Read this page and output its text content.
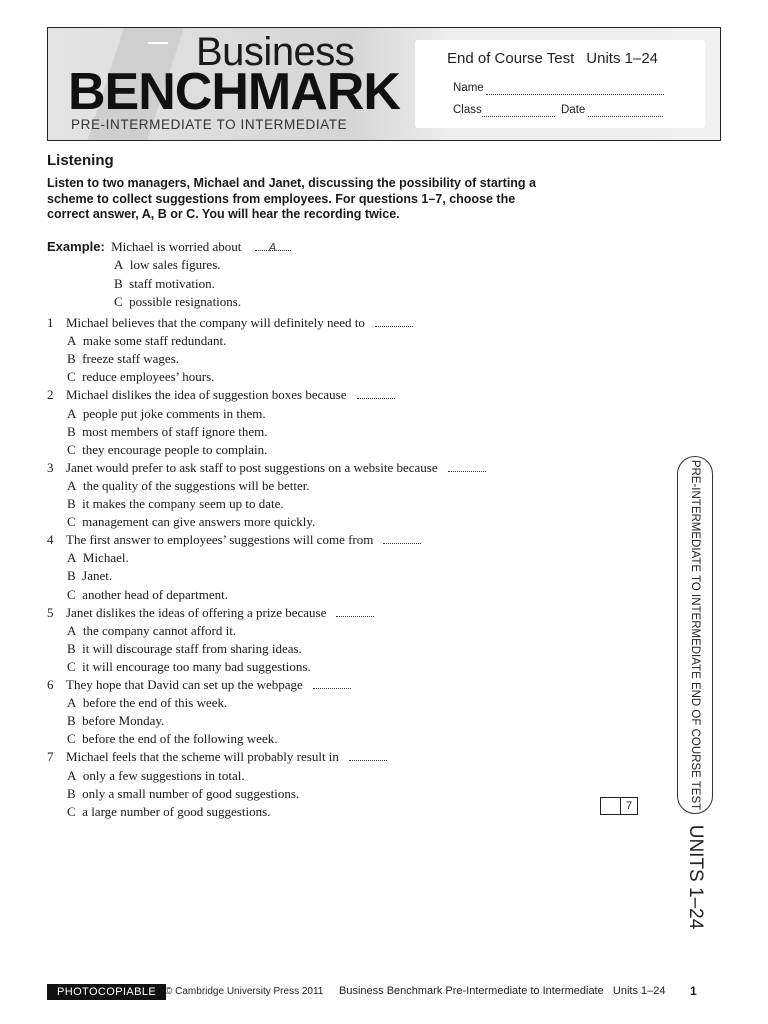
Business
BENCHMARK
PRE-INTERMEDIATE TO INTERMEDIATE
End of Course Test Units 1–24
Name
Class	Date
Listening
Listen to two managers, Michael and Janet, discussing the possibility of starting a scheme to collect suggestions from employees. For questions 1–7, choose the correct answer, A, B or C. You will hear the recording twice.
Example: Michael is worried about A
A low sales figures.
B staff motivation.
C possible resignations.
1 Michael believes that the company will definitely need to
A make some staff redundant.
B freeze staff wages.
C reduce employees’ hours.
2 Michael dislikes the idea of suggestion boxes because
A people put joke comments in them.
B most members of staff ignore them.
C they encourage people to complain.
3 Janet would prefer to ask staff to post suggestions on a website because
A the quality of the suggestions will be better.
B it makes the company seem up to date.
C management can give answers more quickly.
4 The first answer to employees’ suggestions will come from
A Michael.
B Janet.
C another head of department.
5 Janet dislikes the ideas of offering a prize because
A the company cannot afford it.
B it will discourage staff from sharing ideas.
C it will encourage too many bad suggestions.
6 They hope that David can set up the webpage
A before the end of this week.
B before Monday.
C before the end of the following week.
7 Michael feels that the scheme will probably result in
A only a few suggestions in total.
B only a small number of good suggestions.
C a large number of good suggestions.	7	PRE-INTERMEDIATE TO INTERMEDIATE END OF COURSE TEST
UNITS 1–24
PHOTOCOPIABLE © Cambridge University Press 2011 Business Benchmark Pre-Intermediate to Intermediate Units 1–24 1
